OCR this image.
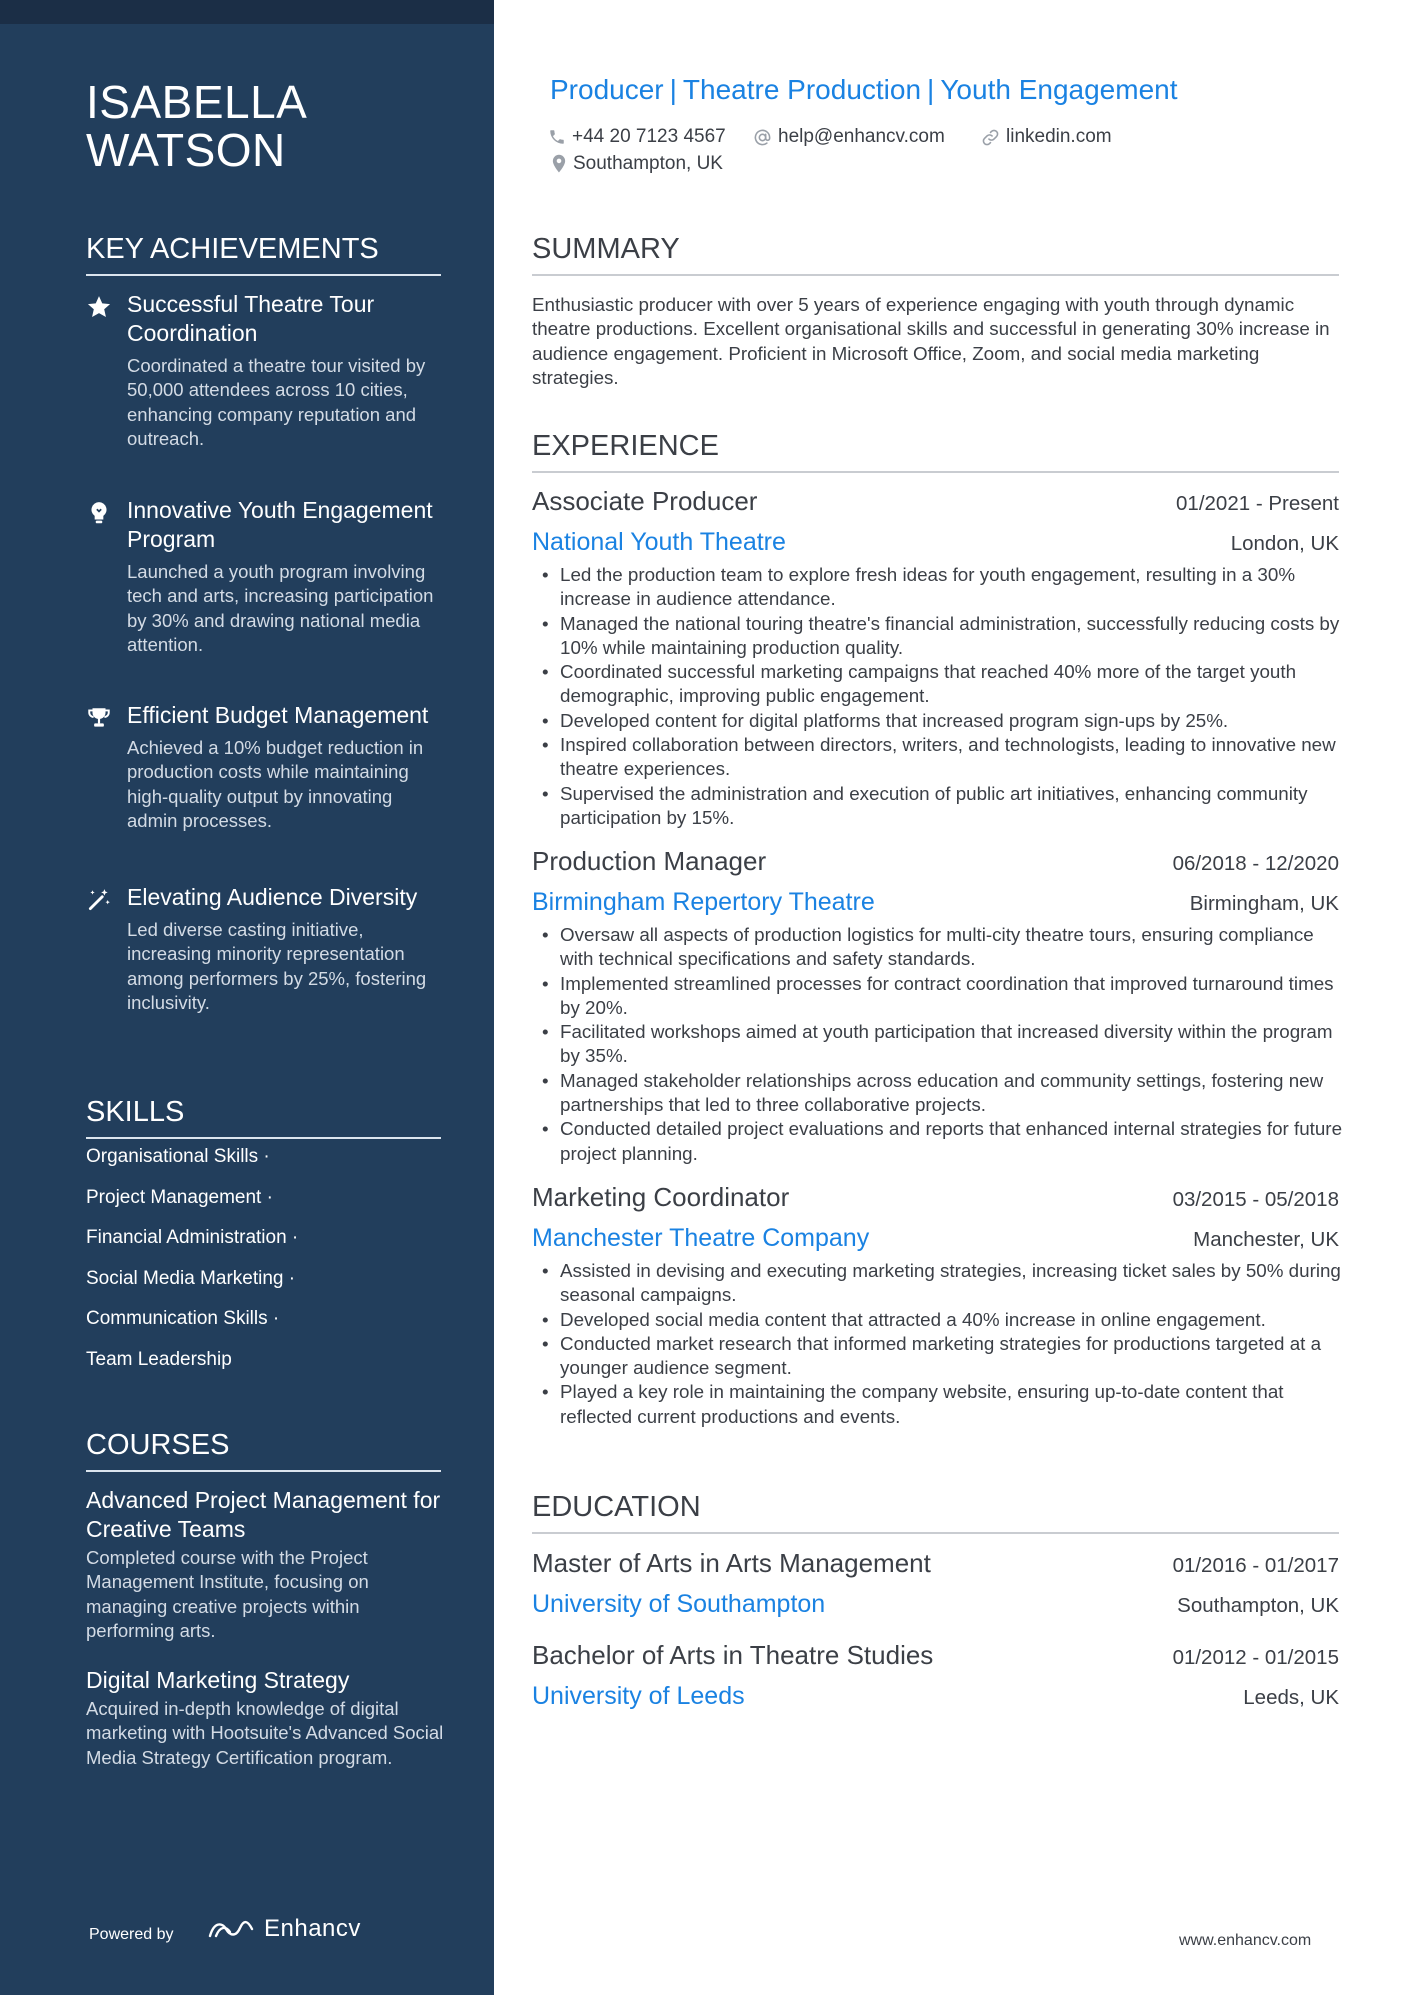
ISABELLA
WATSON
KEY ACHIEVEMENTS
Successful Theatre Tour Coordination
Coordinated a theatre tour visited by 50,000 attendees across 10 cities, enhancing company reputation and outreach.
Innovative Youth Engagement Program
Launched a youth program involving tech and arts, increasing participation by 30% and drawing national media attention.
Efficient Budget Management
Achieved a 10% budget reduction in production costs while maintaining high-quality output by innovating admin processes.
Elevating Audience Diversity
Led diverse casting initiative, increasing minority representation among performers by 25%, fostering inclusivity.
SKILLS
Organisational Skills ·
Project Management ·
Financial Administration ·
Social Media Marketing ·
Communication Skills ·
Team Leadership
COURSES
Advanced Project Management for Creative Teams
Completed course with the Project Management Institute, focusing on managing creative projects within performing arts.
Digital Marketing Strategy
Acquired in-depth knowledge of digital marketing with Hootsuite's Advanced Social Media Strategy Certification program.
Powered by	Enhancv
Producer | Theatre Production | Youth Engagement
+44 20 7123 4567	help@enhancv.com	linkedin.com
Southampton, UK
SUMMARY
Enthusiastic producer with over 5 years of experience engaging with youth through dynamic theatre productions. Excellent organisational skills and successful in generating 30% increase in audience engagement. Proficient in Microsoft Office, Zoom, and social media marketing strategies.
EXPERIENCE
Associate Producer	01/2021 - Present
National Youth Theatre	London, UK
• Led the production team to explore fresh ideas for youth engagement, resulting in a 30% increase in audience attendance.
• Managed the national touring theatre's financial administration, successfully reducing costs by 10% while maintaining production quality.
• Coordinated successful marketing campaigns that reached 40% more of the target youth demographic, improving public engagement.
• Developed content for digital platforms that increased program sign-ups by 25%.
• Inspired collaboration between directors, writers, and technologists, leading to innovative new theatre experiences.
• Supervised the administration and execution of public art initiatives, enhancing community participation by 15%.
Production Manager	06/2018 - 12/2020
Birmingham Repertory Theatre	Birmingham, UK
• Oversaw all aspects of production logistics for multi-city theatre tours, ensuring compliance with technical specifications and safety standards.
• Implemented streamlined processes for contract coordination that improved turnaround times by 20%.
• Facilitated workshops aimed at youth participation that increased diversity within the program by 35%.
• Managed stakeholder relationships across education and community settings, fostering new partnerships that led to three collaborative projects.
• Conducted detailed project evaluations and reports that enhanced internal strategies for future project planning.
Marketing Coordinator	03/2015 - 05/2018
Manchester Theatre Company	Manchester, UK
• Assisted in devising and executing marketing strategies, increasing ticket sales by 50% during seasonal campaigns.
• Developed social media content that attracted a 40% increase in online engagement.
• Conducted market research that informed marketing strategies for productions targeted at a younger audience segment.
• Played a key role in maintaining the company website, ensuring up-to-date content that reflected current productions and events.
EDUCATION
Master of Arts in Arts Management	01/2016 - 01/2017
University of Southampton	Southampton, UK
Bachelor of Arts in Theatre Studies	01/2012 - 01/2015
University of Leeds	Leeds, UK
www.enhancv.com
